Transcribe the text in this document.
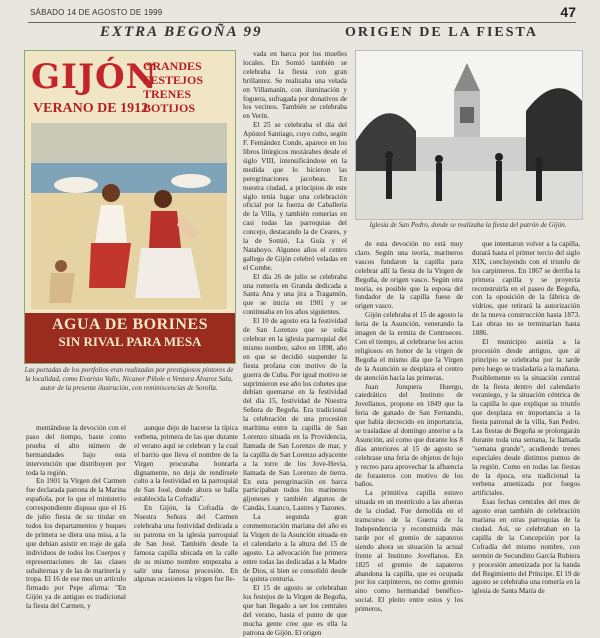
SÁBADO 14 DE AGOSTO DE 1999	47
EXTRA BEGOÑA 99	ORIGEN DE LA FIESTA
GIJÓN
GRANDES FESTEJOS TRENES BOTIJOS
VERANO DE 1912
AGUA DE BORINES
SIN RIVAL PARA MESA
Las portadas de los portfolios eran realizadas por prestigiosos pintores de la localidad, como Evaristo Valle, Nicanor Piñole o Ventura Álvarez Sala, autor de la presente ilustración, con reminiscencias de Sorolla.
Iglesia de San Pedro, donde se realizaba la fiesta del patrón de Gijón.

vada en barca por los muelles locales. En Somió también se celebraba la fiesta con gran brillantez. Se realizaba una velada en Villamanín, con iluminación y foguera, sufragada por donativos de los vecinos. También se celebraba en Verín.

El 25 se celebraba el día del Apóstol Santiago, cuyo culto, según F. Fernández Conde, aparece en los libros litúrgicos mozárabes desde el siglo VIII, intensificándose en la medida que lo hicieron las peregrinaciones jacobeas. En nuestra ciudad, a principios de este siglo tenía lugar una celebración oficial por la fuerza de Caballería de la Villa, y también romerías en casi todas las parroquias del concejo, destacando la de Ceares, y la de Somió, La Guía y el Natahoyo. Algunos años el centro gallego de Gijón celebró veladas en el Combe.

El día 26 de julio se celebraba una romería en Granda dedicada a Santa Ana y una jira a Tragamón, que se inicia en 1901 y se continuaba en los años siguientes.

El 10 de agosto era la festividad de San Lorenzo que se solía celebrar en la iglesia parroquial del mismo nombre, salvo en 1898, año en que se decidió suspender la fiesta profana con motivo de la guerra de Cuba. Por igual motivo se suprimieron ese año los cohetes que debían quemarse en la festividad del día 15, festividad de Nuestra Señora de Begoña. Era tradicional la celebración de una procesión marítima entre la capilla de San Lorenzo situada en la Providencia, llamada de San Lorenzo de mar, y la capilla de San Lorenzo adyacente a la torre de los Jove-Hevia, llamada de San Lorenzo de tierra. En esta peregrinación en barca participaban todos los marineros gijoneses y también algunos de Candás, Luanco, Lastres y Tazones.

La segunda gran conmemoración mariana del año es la Virgen de la Asunción situada en el calendario a la altura del 15 de agosto. La advocación fue primera entre todas las dedicadas a la Madre de Dios, si bien se consolidó desde la quinta centuria.

El 15 de agosto se celebraban los festejos de la Virgen de Begoña, que han llegado a ser los centrales del verano, hasta el punto de que mucha gente cree que es ella la patrona de Gijón. El origen

de esta devoción no está muy claro. Según una teoría, marineros vascos fundaron la capilla para celebrar allí la fiesta de la Virgen de Begoña, de origen vasco. Según otra teoría, es posible que la esposa del fundador de la capilla fuese de origen vasco.

Gijón celebraba el 15 de agosto la feria de la Asunción, venerando la imagen de la ermita de Contrueces. Con el tiempo, al celebrarse los actos religiosos en honor de la virgen de Begoña el mismo día que la Virgen de la Asunción se desplaza el centro de atención hacia las primeras.

Juan Junquera Huergo, catedrático del Instituto de Jovellanos, propone en 1849 que la feria de ganado de San Fernando, que había decrecido en importancia, se trasladase al domingo anterior a la Asunción, así como que durante los 8 días anteriores al 15 de agosto se celebrase una feria de objetos de lujo y recreo para aprovechar la afluencia de forasteros con motivo de los baños.

La primitiva capilla estuvo situada en un montículo a las afueras de la ciudad. Fue demolida en el transcurso de la Guerra de la Independencia y reconstruida más tarde por el gremio de zapateros siendo ahora su situación la actual frente al Instituto Jovellanos. En 1825 el gremio de zapateros abandona la capilla, que es ocupada por los carpinteros, no como gremio sino como hermandad benéfico-social. El pleito entre estos y los primeros,

que intentaron volver a la capilla, durará hasta el primer tercio del siglo XIX, concluyendo con el triunfo de los carpinteros. En 1867 se derriba la primera capilla y se proyecta reconstruirla en el paseo de Begoña, con la oposición de la fábrica de vidrios, que retirará la autorización de la nueva construcción hasta 1873. Las obras no se terminarían hasta 1886.

El municipio asistía a la procesión desde antiguo, que al principio se celebraba por la tarde pero luego se trasladaría a la mañana. Posiblemente es la situación central de la fiesta dentro del calendario veraniego, y la situación céntrica de la capilla lo que explique su triunfo que desplaza en importancia a la fiesta patronal de la villa, San Pedro. Las fiestas de Begoña se prolongarán durante toda una semana, la llamada "semana grande", acudiendo trenes especiales desde distintos puntos de la región. Como en todas las fiestas de la época, era tradicional la verbena amenizada por fuegos artificiales.

Esas fechas centrales del mes de agosto eran también de celebración mariana en otras parroquias de la ciudad. Así, se celebraban en la capilla de la Concepción por la Cofradía del mismo nombre, con sermón de Secundino García Rubiera y procesión amenizada por la banda del Regimiento del Príncipe. El 19 de agosto se celebraba una romería en la iglesia de Santa María de

mentándose la devoción con el paso del tiempo, baste como prueba el alto número de hermandades bajo esta intervención que distribuyen por toda la región.

En 1901 la Virgen del Carmen fue declarada patrona de la Marina española, por lo que el ministerio correspondiente dispuso que el 16 de julio fiesta de su titular en todos los departamentos y buques de primera se diera una misa, a la que debían asistir en traje de gala individuos de todos los Cuerpos y representaciones de las clases subalternas y de las de marinería y tropa. El 16 de ese mes un artículo firmado por Pepe afirma: "En Gijón ya de antiguo es tradicional la fiesta del Carmen, y

aunque dejo de hacerse la típica verbena, primera de las que durante el verano aquí se celebran y la cual el barrio que lleva el nombre de la Virgen procuraba honrarla dignamente, no deja de rendírsele culto a la festividad en la parroquial de San José, donde ahora se halla establecida la Cofradía".

En Gijón, la Cofradía de Nuestra Señora del Carmen celebraba una festividad dedicada a su patrona en la iglesia parroquial de San José. También desde la famosa capilla ubicada en la calle de su mismo nombre empezaba a salir una famosa procesión. En algunas ocasiones la virgen fue lle-
